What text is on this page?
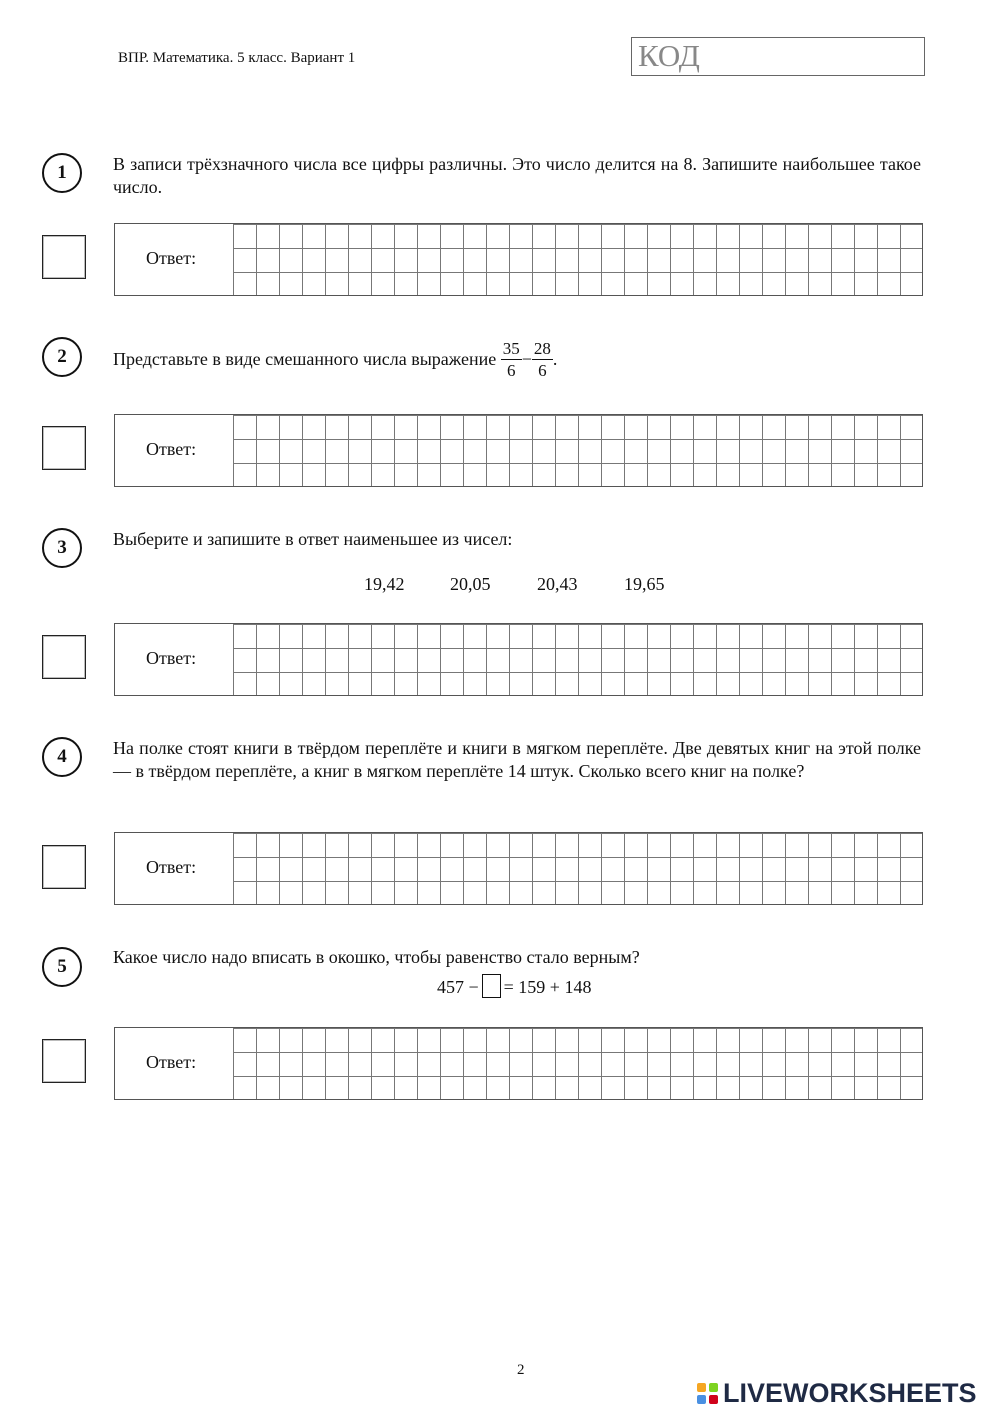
ВПР. Математика. 5 класс. Вариант 1	КОД
1	В записи трёхзначного числа все цифры различны. Это число делится на 8. Запишите наибольшее такое число.
Ответ:
2	Представьте в виде смешанного числа выражение $\frac{35}{6} - \frac{28}{6}$ .
Ответ:
3	Выберите и запишите в ответ наименьшее из чисел:
19,42	20,05	20,43	19,65
Ответ:
4	На полке стоят книги в твёрдом переплёте и книги в мягком переплёте. Две девятых книг на этой полке — в твёрдом переплёте, а книг в мягком переплёте 14 штук. Сколько всего книг на полке?
Ответ:
5	Какое число надо вписать в окошко, чтобы равенство стало верным?
457 − = 159 + 148
Ответ:
2
LIVEWORKSHEETS
